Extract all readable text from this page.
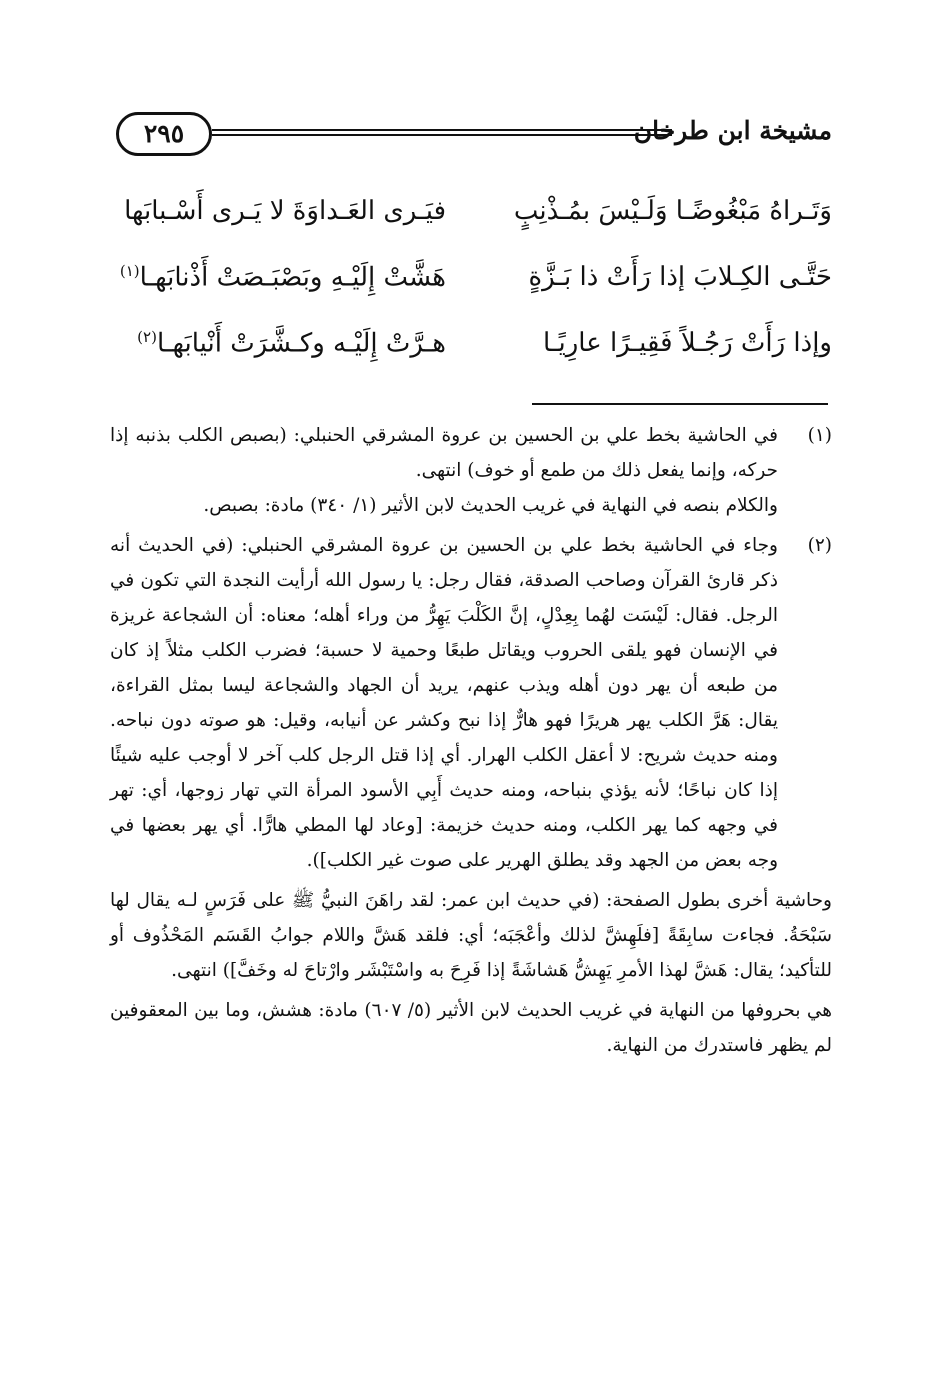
٢٩٥	مشيخة ابن طرخان
وَتَـراهُ مَبْغُوضًـا وَلَـيْسَ بمُـذْنِبٍ
فيَـرى العَـداوَةَ لا يَـرى أَسْـبابَها
حَتَّـى الكِـلابَ إذا رَأَتْ ذا بَـزَّةٍ
هَشَّتْ إِلَيْـهِ وبَصْبَـصَتْ أَذْنابَهـا$^{(١)}$
وإذا رَأَتْ رَجُـلاً فَقِيـرًا عارِيًـا
هـرَّتْ إِلَيْـه وكـشَّرَتْ أَنْيابَهـا$^{(٢)}$
(١)

في الحاشية بخط علي بن الحسين بن عروة المشرقي الحنبلي: (بصبص الكلب بذنبه إذا حركه، وإنما يفعل ذلك من طمع أو خوف) انتهى.

والكلام بنصه في النهاية في غريب الحديث لابن الأثير (١/ ٣٤٠) مادة: بصبص.

(٢)

وجاء في الحاشية بخط علي بن الحسين بن عروة المشرقي الحنبلي: (في الحديث أنه ذكر قارئ القرآن وصاحب الصدقة، فقال رجل: يا رسول الله أرأيت النجدة التي تكون في الرجل. فقال: لَيْسَت لهُما بِعِدْلٍ، إنَّ الكَلْبَ يَهِرُّ من وراء أهله؛ معناه: أن الشجاعة غريزة في الإنسان فهو يلقى الحروب ويقاتل طبعًا وحمية لا حسبة؛ فضرب الكلب مثلاً إذ كان من طبعه أن يهر دون أهله ويذب عنهم، يريد أن الجهاد والشجاعة ليسا بمثل القراءة، يقال: هَرَّ الكلب يهر هريرًا فهو هارٌّ إذا نبح وكشر عن أنيابه، وقيل: هو صوته دون نباحه. ومنه حديث شريح: لا أعقل الكلب الهرار. أي إذا قتل الرجل كلب آخر لا أوجب عليه شيئًا إذا كان نباحًا؛ لأنه يؤذي بنباحه، ومنه حديث أَبِي الأسود المرأة التي تهار زوجها، أي: تهر في وجهه كما يهر الكلب، ومنه حديث خزيمة: [وعاد لها المطي هارًّا. أي يهر بعضها في وجه بعض من الجهد وقد يطلق الهرير على صوت غير الكلب]).

وحاشية أخرى بطول الصفحة: (في حديث ابن عمر: لقد راهَنَ النبيُّ ﷺ على فَرَسٍ لـه يقال لها سَبْحَةُ. فجاءت سابِقَةً [فلَهِشَّ لذلك وأعْجَبَه؛ أي: فلقد هَشَّ واللام جوابُ القَسَم المَحْذُوف أو للتأكيد؛ يقال: هَشَّ لهذا الأمرِ يَهِشُّ هَشاشَةً إذا فَرِحَ به واسْتَبْشَر وارْتاحَ له وخَفَّ]) انتهى.

هي بحروفها من النهاية في غريب الحديث لابن الأثير (٥/ ٦٠٧) مادة: هشش، وما بين المعقوفين لم يظهر فاستدرك من النهاية.
